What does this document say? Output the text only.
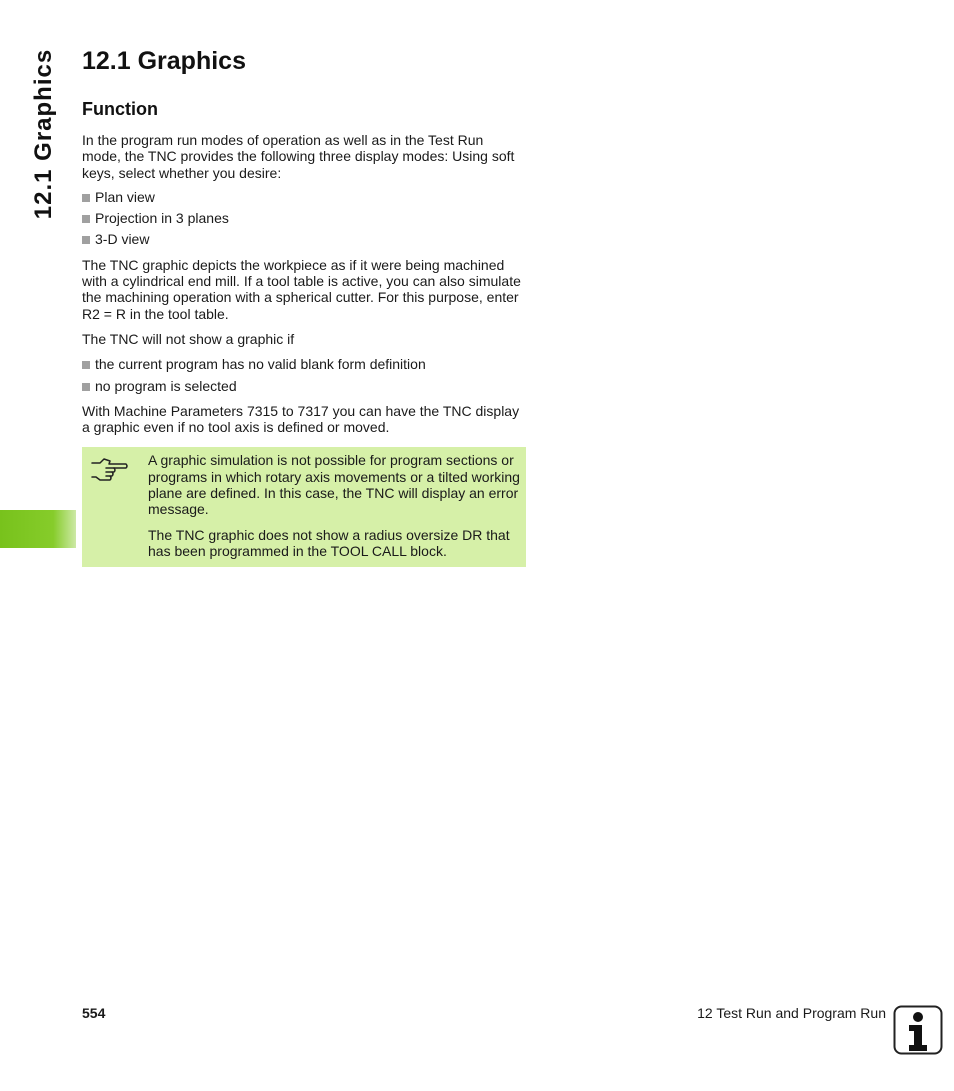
12.1 Graphics 12.1 Graphics
Function

In the program run modes of operation as well as in the Test Run mode, the TNC provides the following three display modes: Using soft keys, select whether you desire:

Plan view
Projection in 3 planes
3-D view

The TNC graphic depicts the workpiece as if it were being machined with a cylindrical end mill. If a tool table is active, you can also simulate the machining operation with a spherical cutter. For this purpose, enter R2 = R in the tool table.

The TNC will not show a graphic if

the current program has no valid blank form definition
no program is selected

With Machine Parameters 7315 to 7317 you can have the TNC display a graphic even if no tool axis is defined or moved.

A graphic simulation is not possible for program sections or programs in which rotary axis movements or a tilted working plane are defined. In this case, the TNC will display an error message.

The TNC graphic does not show a radius oversize DR that has been programmed in the TOOL CALL block.

554	12 Test Run and Program Run
